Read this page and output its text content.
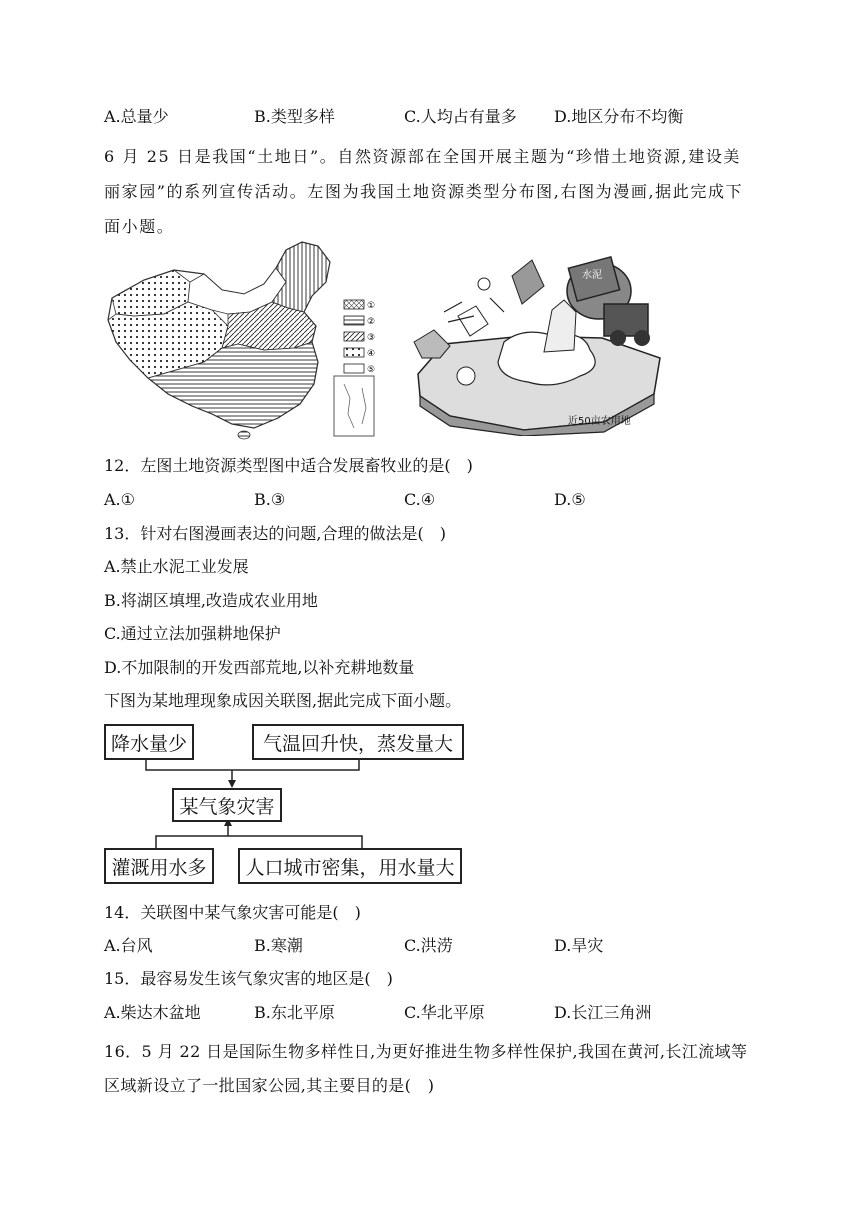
A.总量少	B.类型多样	C.人均占有量多 D.地区分布不均衡
6 月 25 日是我国“土地日”。自然资源部在全国开展主题为“珍惜土地资源,建设美丽家园”的系列宣传活动。左图为我国土地资源类型分布图,右图为漫画,据此完成下面小题。
①
②
③
④
⑤
水泥
近50亩农用地
12．左图土地资源类型图中适合发展畜牧业的是(　)
A.①	B.③	C.④	D.⑤
13．针对右图漫画表达的问题,合理的做法是(　)
A.禁止水泥工业发展
B.将湖区填埋,改造成农业用地
C.通过立法加强耕地保护
D.不加限制的开发西部荒地,以补充耕地数量
下图为某地理现象成因关联图,据此完成下面小题。
降水量少	气温回升快，蒸发量大
某气象灾害
灌溉用水多	人口城市密集，用水量大
14．关联图中某气象灾害可能是(　)
A.台风	B.寒潮	C.洪涝	D.旱灾
15．最容易发生该气象灾害的地区是(　)
A.柴达木盆地	B.东北平原	C.华北平原	D.长江三角洲
16．5 月 22 日是国际生物多样性日,为更好推进生物多样性保护,我国在黄河,长江流域等区域新设立了一批国家公园,其主要目的是(　)
